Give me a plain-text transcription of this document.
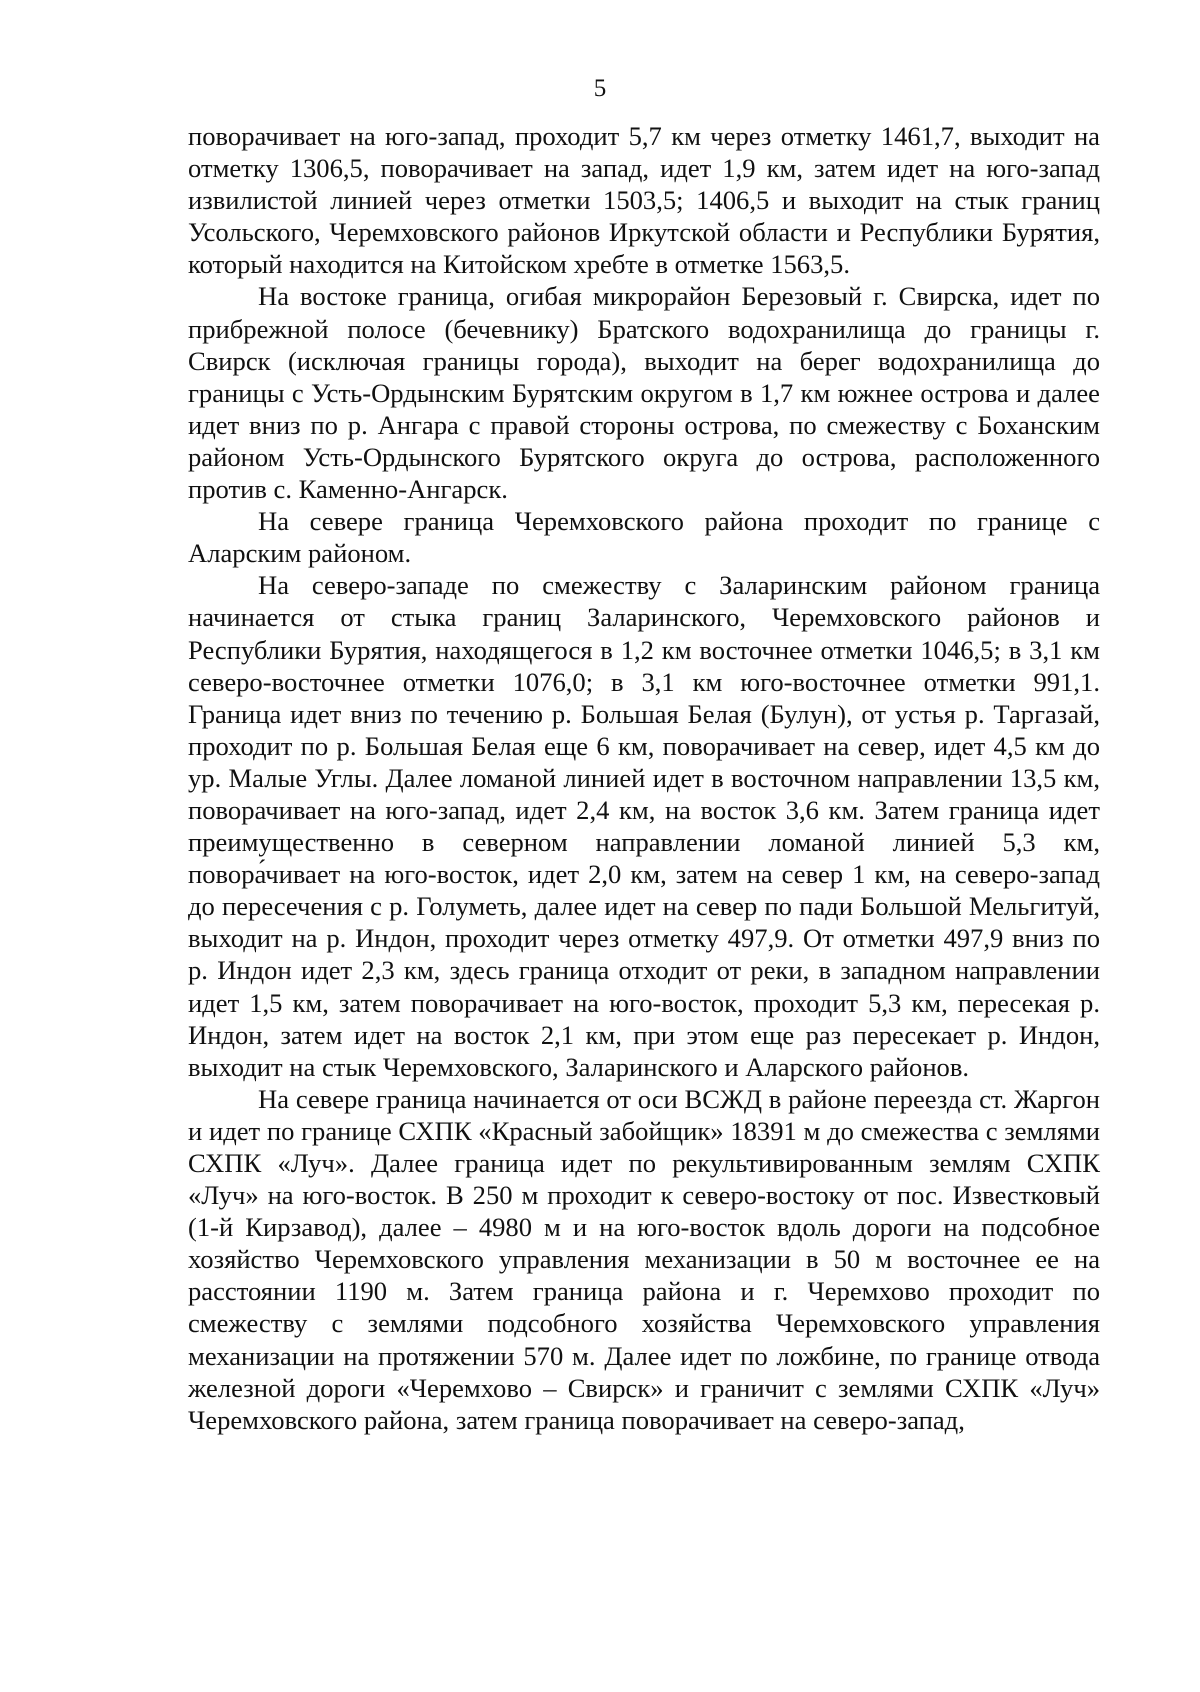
5

поворачивает на юго-запад, проходит 5,7 км через отметку 1461,7, выходит на отметку 1306,5, поворачивает на запад, идет 1,9 км, затем идет на юго-запад извилистой линией через отметки 1503,5; 1406,5 и выходит на стык границ Усольского, Черемховского районов Иркутской области и Республики Бурятия, который находится на Китойском хребте в отметке 1563,5.

На востоке граница, огибая микрорайон Березовый г. Свирска, идет по прибрежной полосе (бечевнику) Братского водохранилища до границы г. Свирск (исключая границы города), выходит на берег водохранилища до границы с Усть-Ордынским Бурятским округом в 1,7 км южнее острова и далее идет вниз по р. Ангара с правой стороны острова, по смежеству с Боханским районом Усть-Ордынского Бурятского округа до острова, расположенного против с. Каменно-Ангарск.

На севере граница Черемховского района проходит по границе с Аларским районом.

На северо-западе по смежеству с Заларинским районом граница начинается от стыка границ Заларинского, Черемховского районов и Республики Бурятия, находящегося в 1,2 км восточнее отметки 1046,5; в 3,1 км северо-восточнее отметки 1076,0; в 3,1 км юго-восточнее отметки 991,1. Граница идет вниз по течению р. Большая Белая (Булун), от устья р. Таргазай, проходит по р. Большая Белая еще 6 км, поворачивает на север, идет 4,5 км до ур. Малые Углы. Далее ломаной линией идет в восточном направлении 13,5 км, поворачивает на юго-запад, идет 2,4 км, на восток 3,6 км. Затем граница идет преимущественно в северном направлении ломаной линией 5,3 км, повора́чивает на юго-восток, идет 2,0 км, затем на север 1 км, на северо-запад до пересечения с р. Голуметь, далее идет на север по пади Большой Мельгитуй, выходит на р. Индон, проходит через отметку 497,9. От отметки 497,9 вниз по р. Индон идет 2,3 км, здесь граница отходит от реки, в западном направлении идет 1,5 км, затем поворачивает на юго-восток, проходит 5,3 км, пересекая р. Индон, затем идет на восток 2,1 км, при этом еще раз пересекает р. Индон, выходит на стык Черемховского, Заларинского и Аларского районов.

На севере граница начинается от оси ВСЖД в районе переезда ст. Жаргон и идет по границе СХПК «Красный забойщик» 18391 м до смежества с землями СХПК «Луч». Далее граница идет по рекультивированным землям СХПК «Луч» на юго-восток. В 250 м проходит к северо-востоку от пос. Известковый (1-й Кирзавод), далее – 4980 м и на юго-восток вдоль дороги на подсобное хозяйство Черемховского управления механизации в 50 м восточнее ее на расстоянии 1190 м. Затем граница района и г. Черемхово проходит по смежеству с землями подсобного хозяйства Черемховского управления механизации на протяжении 570 м. Далее идет по ложбине, по границе отвода железной дороги «Черемхово – Свирск» и граничит с землями СХПК «Луч» Черемховского района, затем граница поворачивает на северо-запад,
